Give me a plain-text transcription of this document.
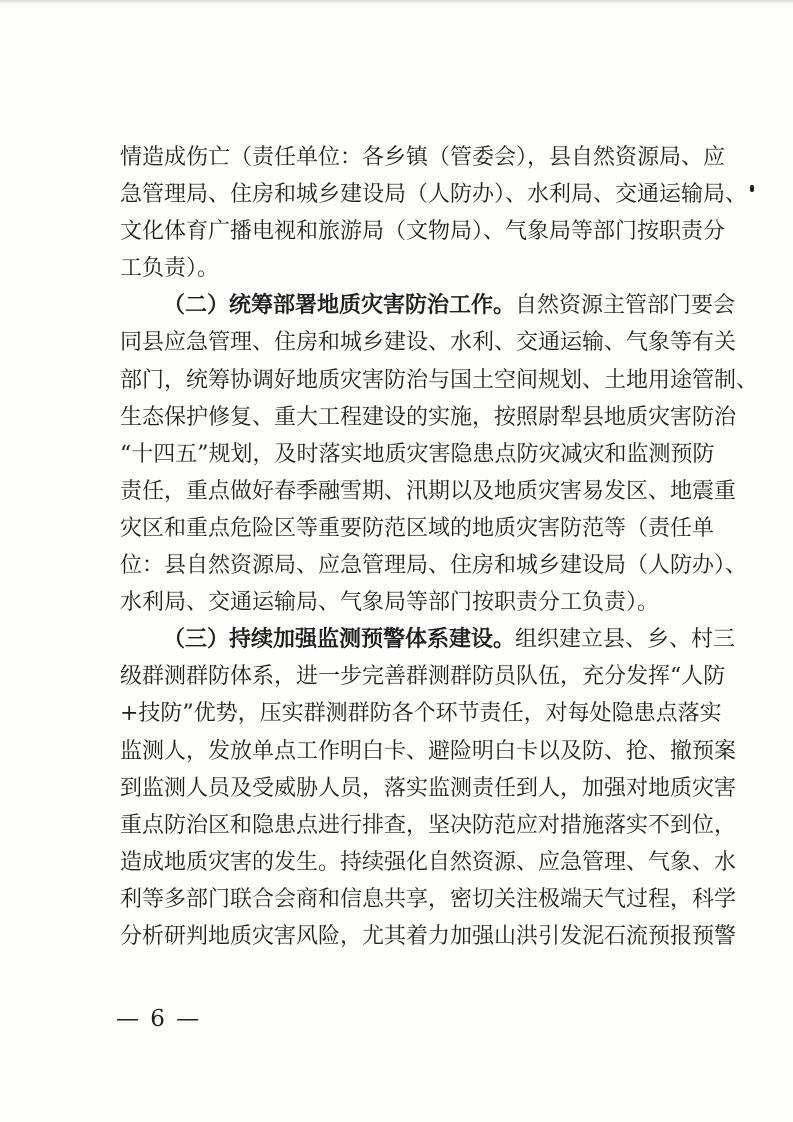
情造成伤亡（责任单位：各乡镇（管委会），县自然资源局、应
急管理局、住房和城乡建设局（人防办）、水利局、交通运输局、
文化体育广播电视和旅游局（文物局）、气象局等部门按职责分
工负责）。
（二）统筹部署地质灾害防治工作。自然资源主管部门要会
同县应急管理、住房和城乡建设、水利、交通运输、气象等有关
部门，统筹协调好地质灾害防治与国土空间规划、土地用途管制、
生态保护修复、重大工程建设的实施，按照尉犁县地质灾害防治
“十四五”规划，及时落实地质灾害隐患点防灾减灾和监测预防
责任，重点做好春季融雪期、汛期以及地质灾害易发区、地震重
灾区和重点危险区等重要防范区域的地质灾害防范等（责任单
位：县自然资源局、应急管理局、住房和城乡建设局（人防办）、
水利局、交通运输局、气象局等部门按职责分工负责）。
（三）持续加强监测预警体系建设。组织建立县、乡、村三
级群测群防体系，进一步完善群测群防员队伍，充分发挥“人防
+技防”优势，压实群测群防各个环节责任，对每处隐患点落实
监测人，发放单点工作明白卡、避险明白卡以及防、抢、撤预案
到监测人员及受威胁人员，落实监测责任到人，加强对地质灾害
重点防治区和隐患点进行排查，坚决防范应对措施落实不到位，
造成地质灾害的发生。持续强化自然资源、应急管理、气象、水
利等多部门联合会商和信息共享，密切关注极端天气过程，科学
分析研判地质灾害风险，尤其着力加强山洪引发泥石流预报预警
— 6 —
